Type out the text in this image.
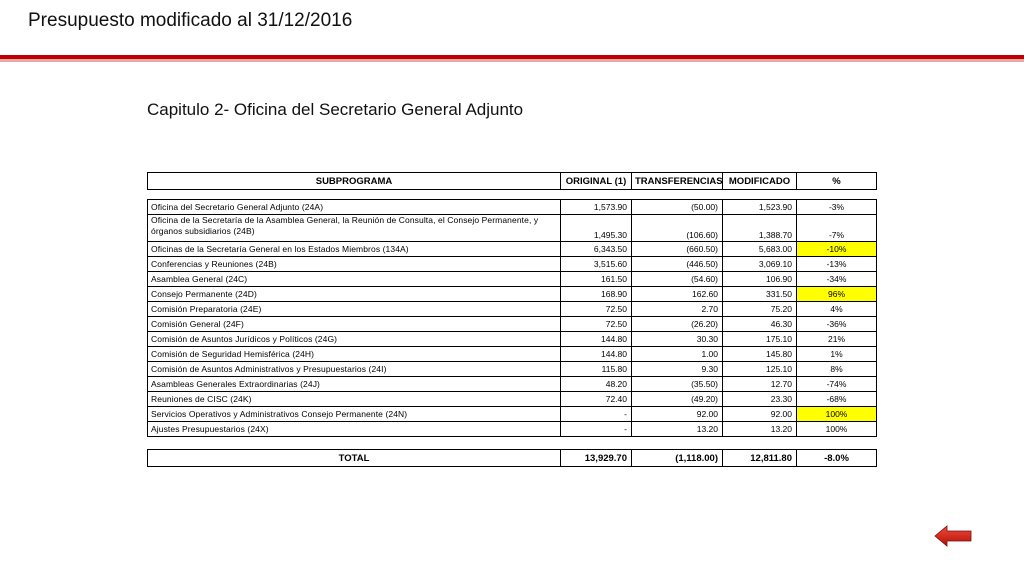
Presupuesto modificado al 31/12/2016
Capitulo 2- Oficina del Secretario General Adjunto
SUBPROGRAMA	ORIGINAL (1)	TRANSFERENCIAS	MODIFICADO	%

Oficina del Secretario General Adjunto (24A)	1,573.90	(50.00)	1,523.90	-3%
Oficina de la Secretaría de la Asamblea General, la Reunión de Consulta, el Consejo Permanente, y órganos subsidiarios (24B)	1,495.30	(106.60)	1,388.70	-7%
Oficinas de la Secretaría General en los Estados Miembros (134A)	6,343.50	(660.50)	5,683.00	-10%
Conferencias y Reuniones (24B)	3,515.60	(446.50)	3,069.10	-13%
Asamblea General (24C)	161.50	(54.60)	106.90	-34%
Consejo Permanente (24D)	168.90	162.60	331.50	96%
Comisión Preparatoria (24E)	72.50	2.70	75.20	4%
Comisión General (24F)	72.50	(26.20)	46.30	-36%
Comisión de Asuntos Jurídicos y Políticos (24G)	144.80	30.30	175.10	21%
Comisión de Seguridad Hemisférica (24H)	144.80	1.00	145.80	1%
Comisión de Asuntos Administrativos y Presupuestarios (24I)	115.80	9.30	125.10	8%
Asambleas Generales Extraordinarias (24J)	48.20	(35.50)	12.70	-74%
Reuniones de CISC (24K)	72.40	(49.20)	23.30	-68%
Servicios Operativos y Administrativos Consejo Permanente (24N)	-	92.00	92.00	100%
Ajustes Presupuestarios (24X)	-	13.20	13.20	100%

TOTAL	13,929.70	(1,118.00)	12,811.80	-8.0%
